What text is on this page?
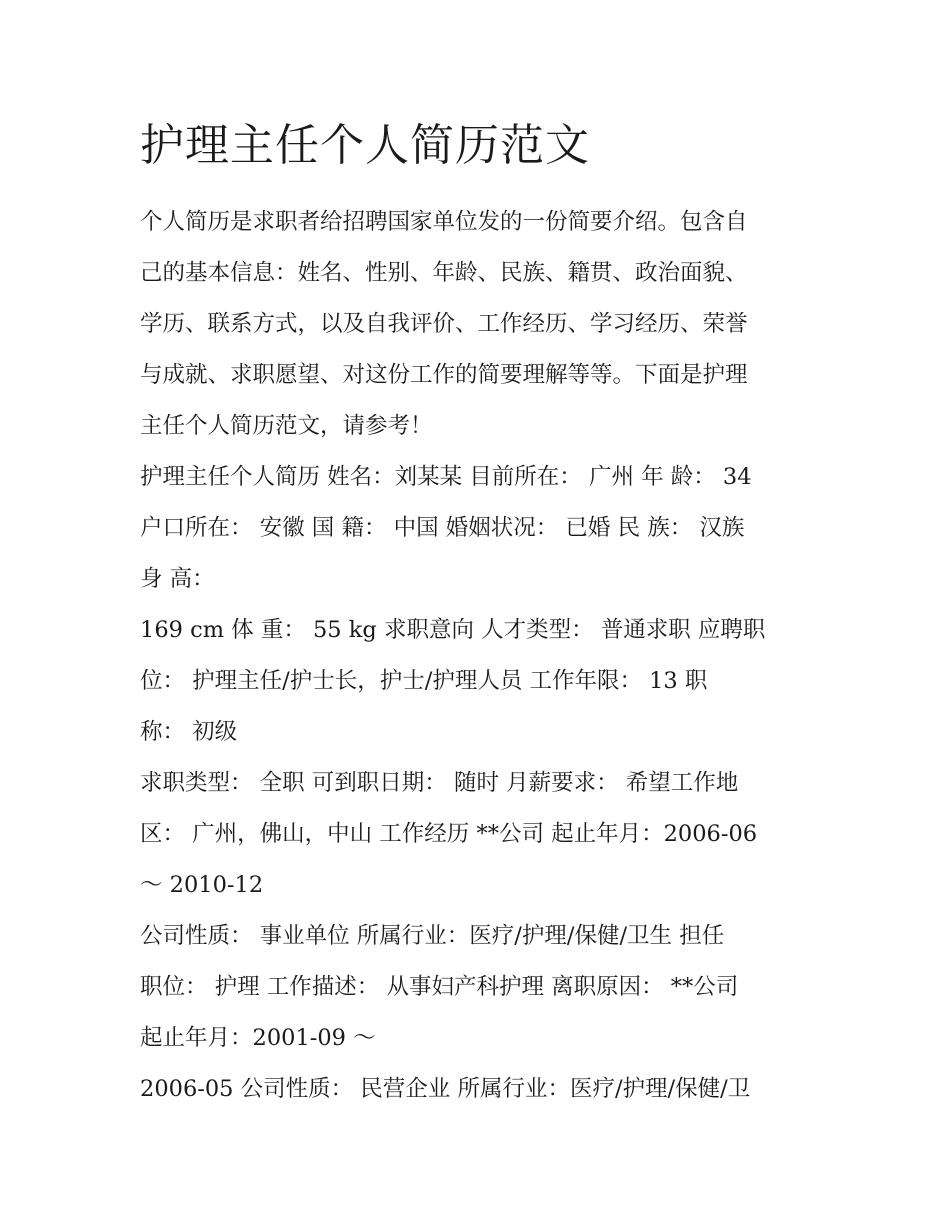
护理主任个人简历范文
个人简历是求职者给招聘国家单位发的一份简要介绍。包含自
己的基本信息：姓名、性别、年龄、民族、籍贯、政治面貌、
学历、联系方式，以及自我评价、工作经历、学习经历、荣誉
与成就、求职愿望、对这份工作的简要理解等等。下面是护理
主任个人简历范文，请参考！
护理主任个人简历 姓名：刘某某 目前所在： 广州 年 龄： 34
户口所在： 安徽 国 籍： 中国 婚姻状况： 已婚 民 族： 汉族
身 高：
169 cm 体 重： 55 kg 求职意向 人才类型： 普通求职 应聘职
位： 护理主任/护士长，护士/护理人员 工作年限： 13 职
称： 初级
求职类型： 全职 可到职日期： 随时 月薪要求： 希望工作地
区： 广州，佛山，中山 工作经历 **公司 起止年月：2006-06
～ 2010-12
公司性质： 事业单位 所属行业：医疗/护理/保健/卫生 担任
职位： 护理 工作描述： 从事妇产科护理 离职原因： **公司
起止年月：2001-09 ～
2006-05 公司性质： 民营企业 所属行业：医疗/护理/保健/卫
